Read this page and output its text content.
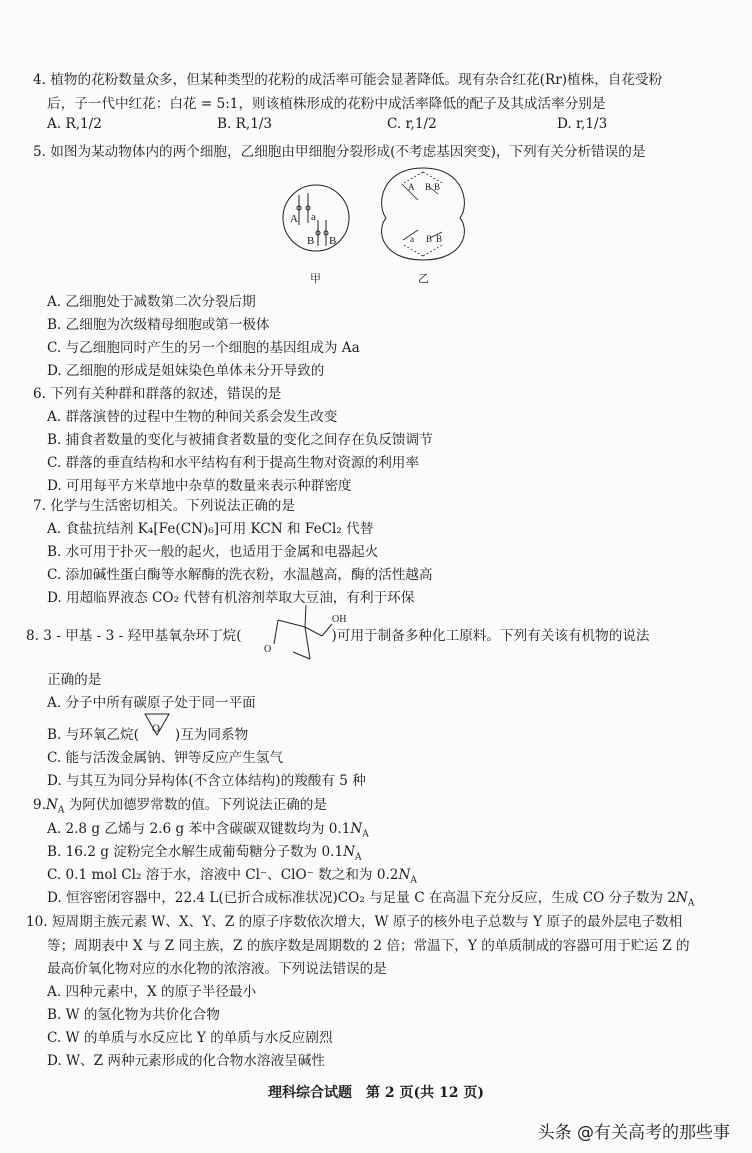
4. 植物的花粉数量众多，但某种类型的花粉的成活率可能会显著降低。现有杂合红花(Rr)植株，自花受粉
后，子一代中红花：白花 = 5:1，则该植株形成的花粉中成活率降低的配子及其成活率分别是
A. R,1/2	B. R,1/3	C. r,1/2	D. r,1/3
5. 如图为某动物体内的两个细胞，乙细胞由甲细胞分裂形成(不考虑基因突变)，下列有关分析错误的是
A a
B B
A B B
a B B
甲	乙
A. 乙细胞处于减数第二次分裂后期
B. 乙细胞为次级精母细胞或第一极体
C. 与乙细胞同时产生的另一个细胞的基因组成为 Aa
D. 乙细胞的形成是姐妹染色单体未分开导致的
6. 下列有关种群和群落的叙述，错误的是
A. 群落演替的过程中生物的种间关系会发生改变
B. 捕食者数量的变化与被捕食者数量的变化之间存在负反馈调节
C. 群落的垂直结构和水平结构有利于提高生物对资源的利用率
D. 可用每平方米草地中杂草的数量来表示种群密度
7. 化学与生活密切相关。下列说法正确的是
A. 食盐抗结剂 K₄[Fe(CN)₆]可用 KCN 和 FeCl₂ 代替
B. 水可用于扑灭一般的起火，也适用于金属和电器起火
C. 添加碱性蛋白酶等水解酶的洗衣粉，水温越高，酶的活性越高
D. 用超临界液态 CO₂ 代替有机溶剂萃取大豆油，有利于环保
8. 3 - 甲基 - 3 - 羟甲基氧杂环丁烷(	)可用于制备多种化工原料。下列有关该有机物的说法
OH
O
正确的是
A. 分子中所有碳原子处于同一平面
B. 与环氧乙烷( O )互为同系物
C. 能与活泼金属钠、钾等反应产生氢气
D. 与其互为同分异构体(不含立体结构)的羧酸有 5 种
$9.N_A$ 为阿伏加德罗常数的值。下列说法正确的是
A. 2.8 g 乙烯与 2.6 g 苯中含碳碳双键数均为 $0.1N_A$
B. 16.2 g 淀粉完全水解生成葡萄糖分子数为 $0.1N_A$
C. 0.1 mol Cl₂ 溶于水，溶液中 Cl⁻、ClO⁻ 数之和为 $0.2N_A$
D. 恒容密闭容器中，22.4 L(已折合成标准状况)CO₂ 与足量 C 在高温下充分反应，生成 CO 分子数为 $2N_A$
10. 短周期主族元素 W、X、Y、Z 的原子序数依次增大，W 原子的核外电子总数与 Y 原子的最外层电子数相
等；周期表中 X 与 Z 同主族，Z 的族序数是周期数的 2 倍；常温下，Y 的单质制成的容器可用于贮运 Z 的
最高价氧化物对应的水化物的浓溶液。下列说法错误的是
A. 四种元素中，X 的原子半径最小
B. W 的氢化物为共价化合物
C. W 的单质与水反应比 Y 的单质与水反应剧烈
D. W、Z 两种元素形成的化合物水溶液呈碱性
理科综合试题　第 2 页(共 12 页)
头条 @有关高考的那些事
